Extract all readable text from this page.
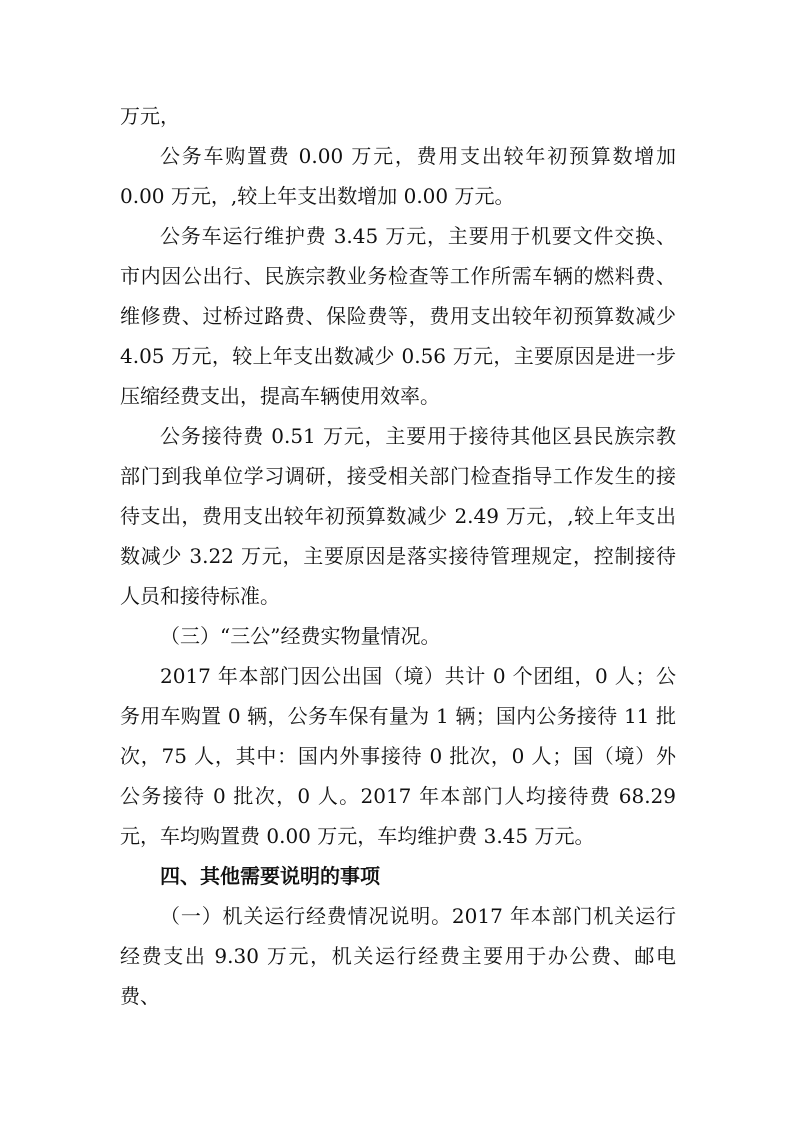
万元，

公务车购置费 0.00 万元，费用支出较年初预算数增加 0.00 万元，,较上年支出数增加 0.00 万元。

公务车运行维护费 3.45 万元，主要用于机要文件交换、市内因公出行、民族宗教业务检查等工作所需车辆的燃料费、维修费、过桥过路费、保险费等，费用支出较年初预算数减少 4.05 万元，较上年支出数减少 0.56 万元，主要原因是进一步压缩经费支出，提高车辆使用效率。

公务接待费 0.51 万元，主要用于接待其他区县民族宗教部门到我单位学习调研，接受相关部门检查指导工作发生的接待支出，费用支出较年初预算数减少 2.49 万元，,较上年支出数减少 3.22 万元，主要原因是落实接待管理规定，控制接待人员和接待标准。

（三）“三公”经费实物量情况。

2017 年本部门因公出国（境）共计 0 个团组，0 人；公务用车购置 0 辆，公务车保有量为 1 辆；国内公务接待 11 批次，75 人，其中：国内外事接待 0 批次，0 人；国（境）外公务接待 0 批次，0 人。2017 年本部门人均接待费 68.29 元，车均购置费 0.00 万元，车均维护费 3.45 万元。

四、其他需要说明的事项

（一）机关运行经费情况说明。2017 年本部门机关运行经费支出 9.30 万元，机关运行经费主要用于办公费、邮电费、
